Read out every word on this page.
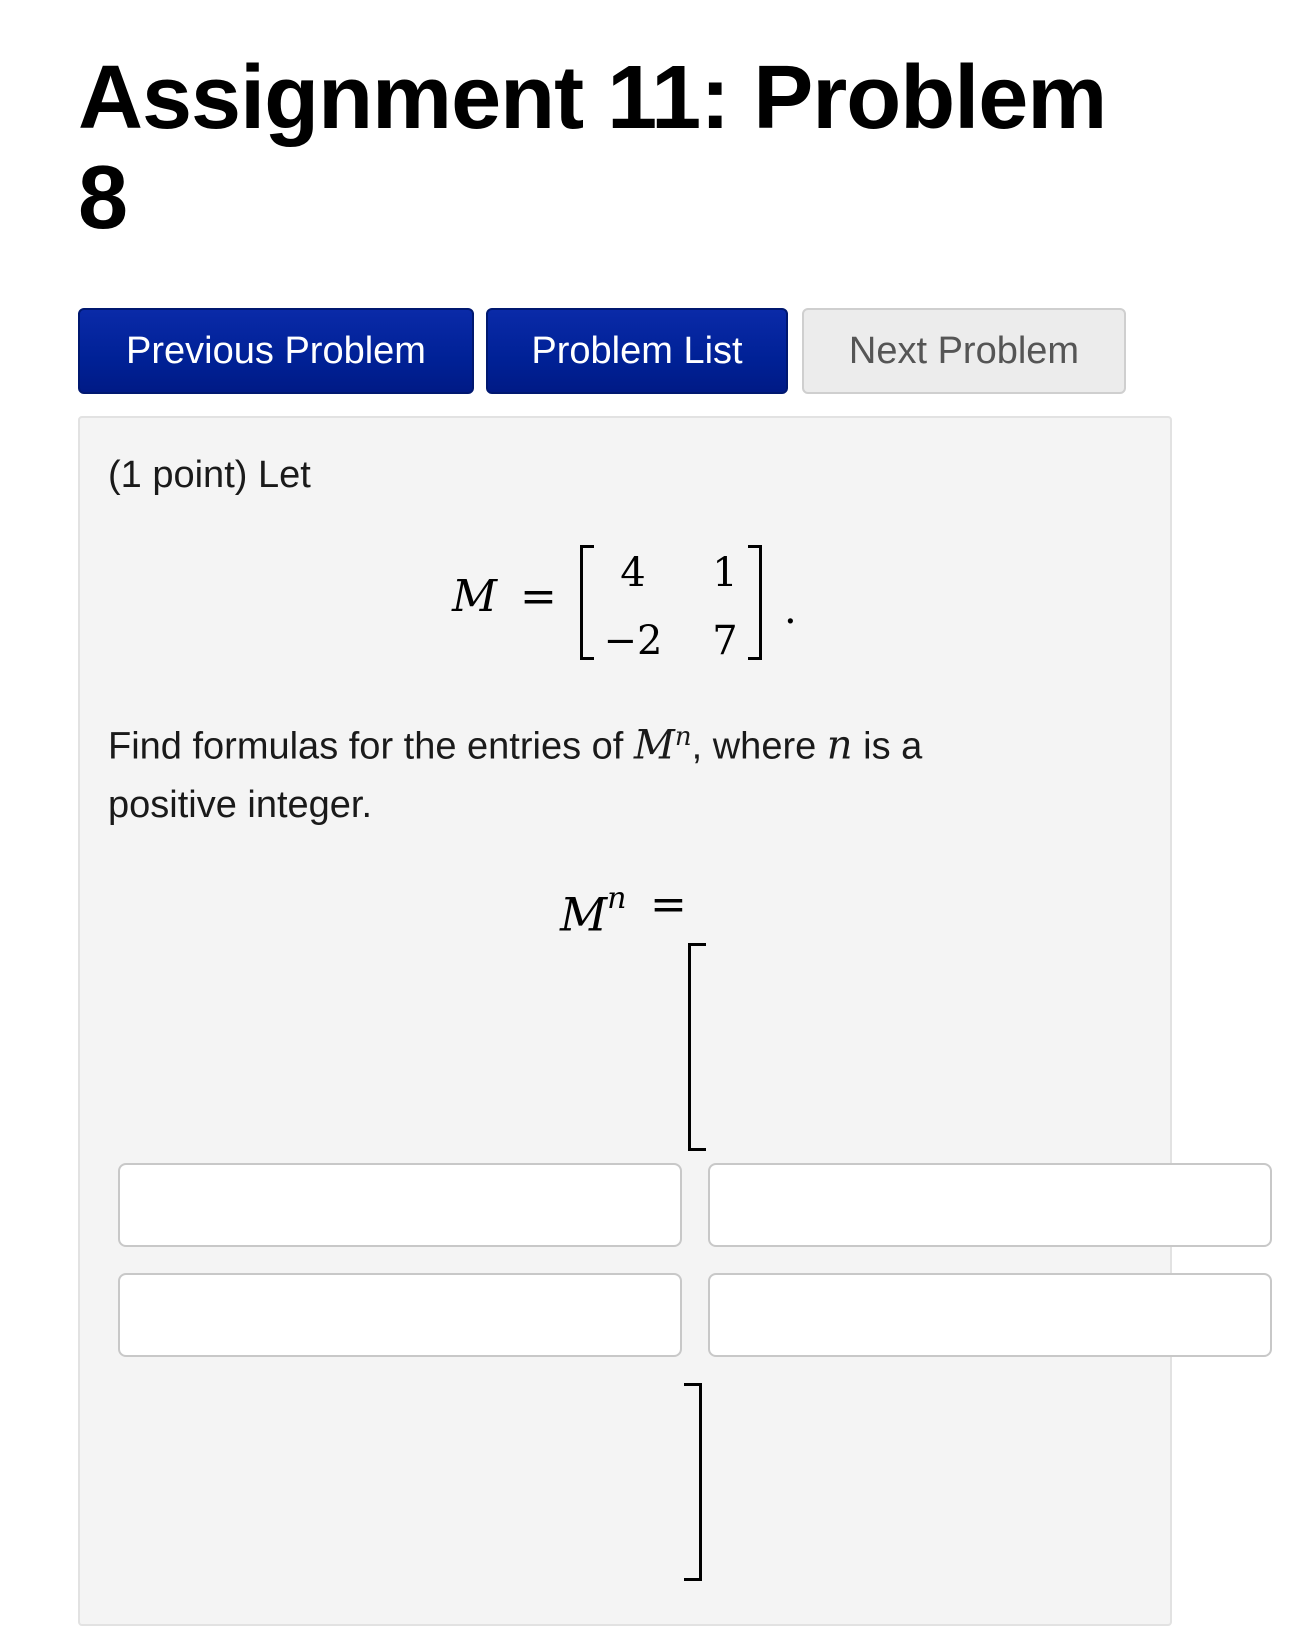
Assignment 11: Problem 8
Previous Problem	Problem List	Next Problem
(1 point) Let
M =	4	1
−2	7
.
Find formulas for the entries of $M^n$, where n is a positive integer.
$M^n$ =
